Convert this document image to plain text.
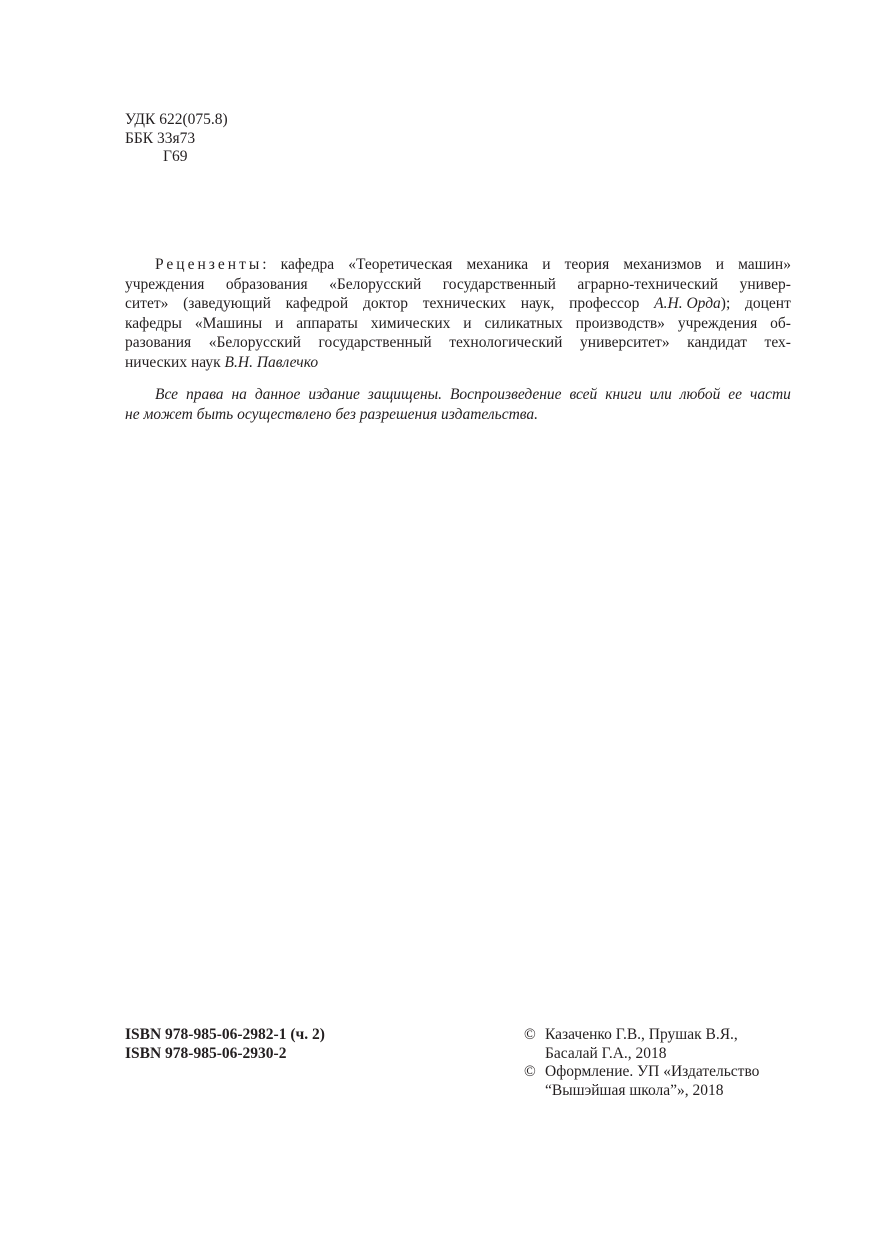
УДК 622(075.8)
ББК 33я73
Г69
Рецензенты: кафедра «Теоретическая механика и теория механизмов и машин»
учреждения образования «Белорусский государственный аграрно-технический универ-
ситет» (заведующий кафедрой доктор технических наук, профессор А.Н. Орда); доцент
кафедры «Машины и аппараты химических и силикатных производств» учреждения об-
разования «Белорусский государственный технологический университет» кандидат тех-
нических наук В.Н. Павлечко
Все права на данное издание защищены. Воспроизведение всей книги или любой ее части
не может быть осуществлено без разрешения издательства.
ISBN 978-985-06-2982-1 (ч. 2)
ISBN 978-985-06-2930-2
© Казаченко Г.В., Прушак В.Я.,
Басалай Г.А., 2018
© Оформление. УП «Издательство
“Вышэйшая школа”», 2018
